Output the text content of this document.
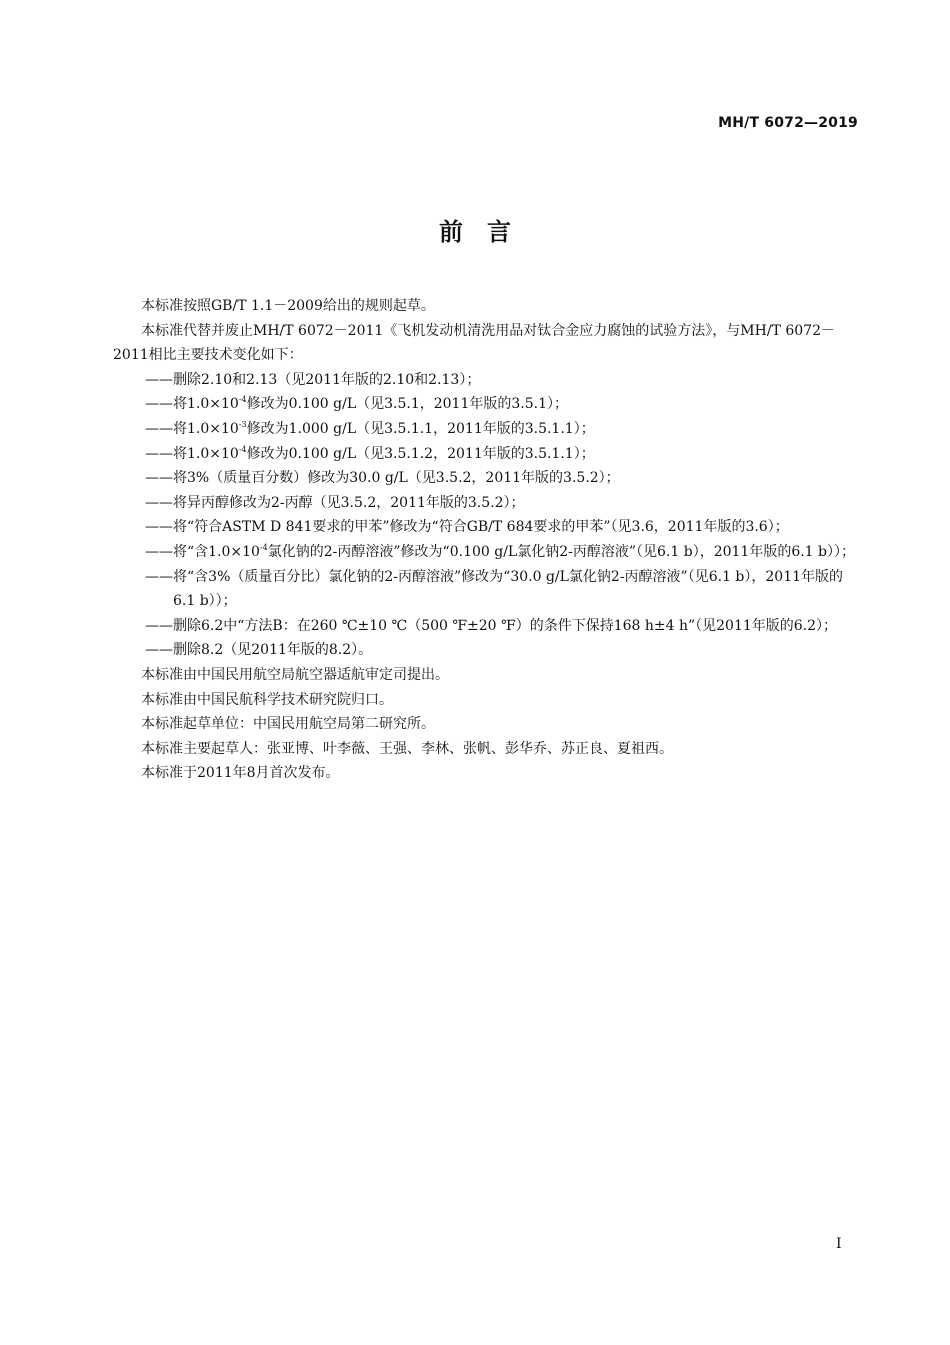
MH/T 6072—2019
前　言

本标准按照GB/T 1.1－2009给出的规则起草。

本标准代替并废止MH/T 6072－2011《飞机发动机清洗用品对钛合金应力腐蚀的试验方法》，与MH/T 6072－2011相比主要技术变化如下：

——删除2.10和2.13（见2011年版的2.10和2.13）；

——将$1.0\times 10^{-4}$修改为0.100 g/L（见3.5.1，2011年版的3.5.1）；

——将$1.0\times 10^{-3}$修改为1.000 g/L（见3.5.1.1，2011年版的3.5.1.1）；

——将$1.0\times 10^{-4}$修改为0.100 g/L（见3.5.1.2，2011年版的3.5.1.1）；

——将3%（质量百分数）修改为30.0 g/L（见3.5.2，2011年版的3.5.2）；

——将异丙醇修改为2-丙醇（见3.5.2，2011年版的3.5.2）；

——将“符合ASTM D 841要求的甲苯”修改为“符合GB/T 684要求的甲苯”（见3.6，2011年版的3.6）；

——将“含$1.0\times 10^{-4}$氯化钠的2-丙醇溶液”修改为“0.100 g/L氯化钠2-丙醇溶液”（见6.1 b），2011年版的6.1 b））；

——将“含3%（质量百分比）氯化钠的2-丙醇溶液”修改为“30.0 g/L氯化钠2-丙醇溶液”（见6.1 b），2011年版的6.1 b））；

——删除6.2中“方法B：在260 ℃±10 ℃（500 ℉±20 ℉）的条件下保持168 h±4 h”（见2011年版的6.2）；

——删除8.2（见2011年版的8.2）。

本标准由中国民用航空局航空器适航审定司提出。

本标准由中国民航科学技术研究院归口。

本标准起草单位：中国民用航空局第二研究所。

本标准主要起草人：张亚博、叶李薇、王强、李林、张帆、彭华乔、苏正良、夏祖西。

本标准于2011年8月首次发布。

I
